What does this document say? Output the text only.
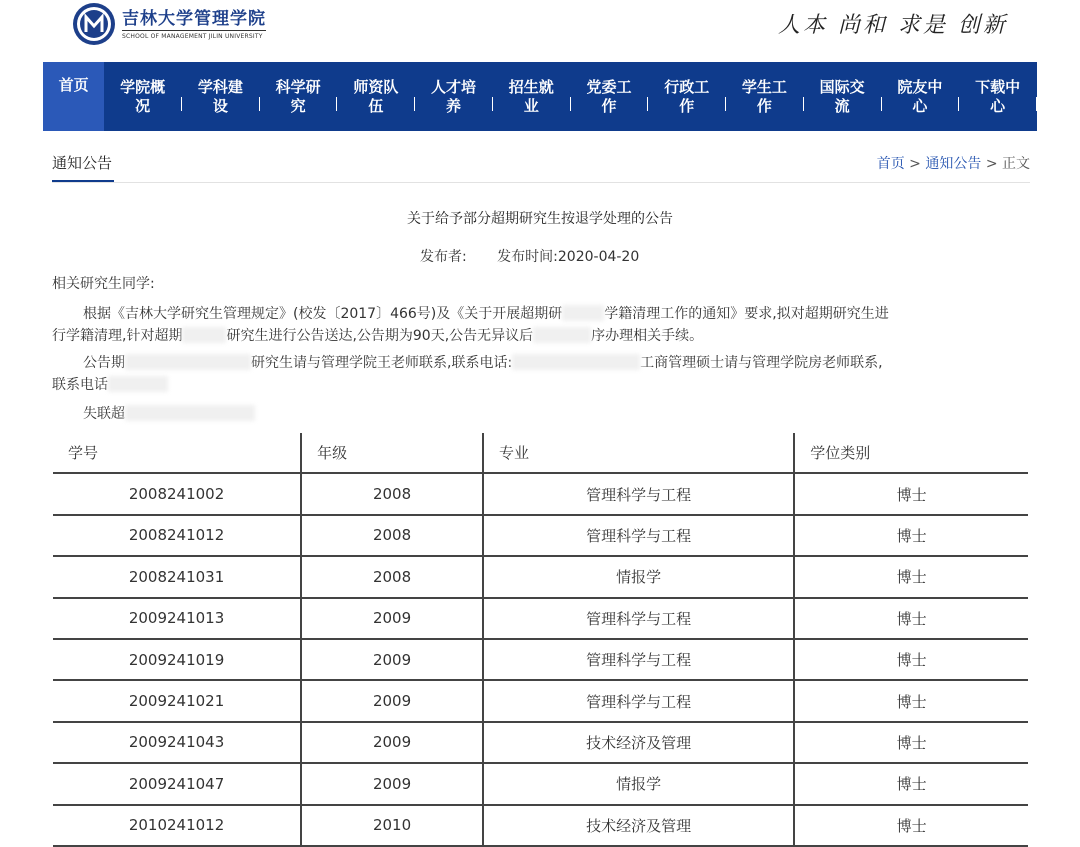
吉林大学管理学院
SCHOOL OF MANAGEMENT JILIN UNIVERSITY	人本 尚和 求是 创新
首页	学院概况
学科建设
科学研究
师资队伍
人才培养
招生就业
党委工作
行政工作
学生工作
国际交流
院友中心
下载中心
通知公告	首页 > 通知公告 > 正文
关于给予部分超期研究生按退学处理的公告
发布者: 发布时间:2020-04-20
相关研究生同学:
根据《吉林大学研究生管理规定》(校发〔2017〕466号)及《关于开展超期研	学籍清理工作的通知》要求,拟对超期研究生进
行学籍清理,针对超期	研究生进行公告送达,公告期为90天,公告无异议后	序办理相关手续。
公告期	研究生请与管理学院王老师联系,联系电话:	工商管理硕士请与管理学院房老师联系,
联系电话
失联超
学号	年级	专业	学位类别
2008241002	2008	管理科学与工程	博士
2008241012	2008	管理科学与工程	博士
2008241031	2008	情报学	博士
2009241013	2009	管理科学与工程	博士
2009241019	2009	管理科学与工程	博士
2009241021	2009	管理科学与工程	博士
2009241043	2009	技术经济及管理	博士
2009241047	2009	情报学	博士
2010241012	2010	技术经济及管理	博士
